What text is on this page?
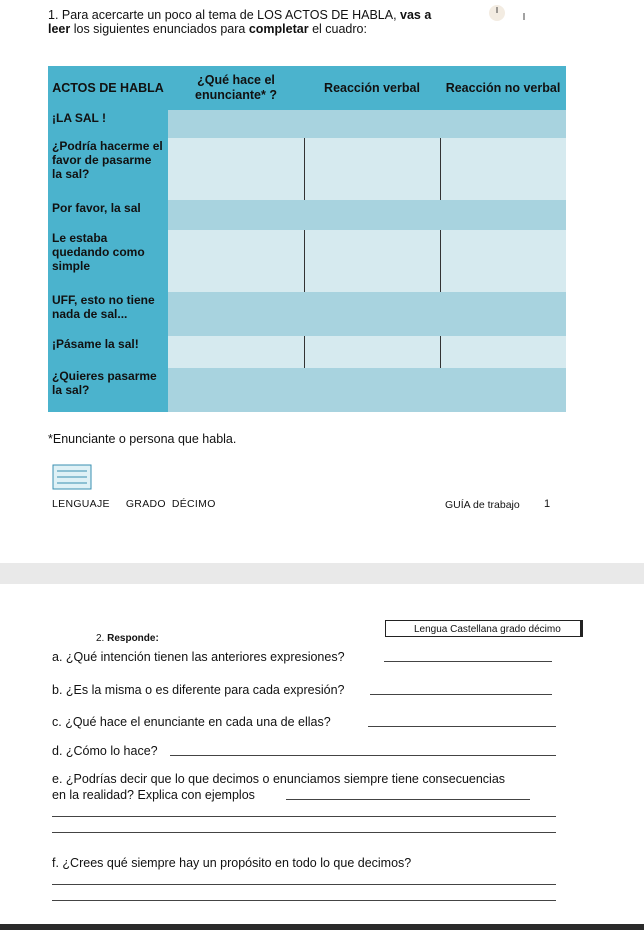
1. Para acercarte un poco al tema de LOS ACTOS DE HABLA, vas a
leer los siguientes enunciados para completar el cuadro:
ACTOS DE HABLA	¿Qué hace el enunciante* ?	Reacción verbal	Reacción no verbal
¡LA SAL !			
¿Podría hacerme el favor de pasarme la sal?			
Por favor, la sal			
Le estaba quedando como simple			
UFF, esto no tiene nada de sal...			
¡Pásame la sal!			
¿Quieres pasarme la sal?			
*Enunciante o persona que habla.
LENGUAJE GRADO DÉCIMO	GUÍA de trabajo 1
Lengua Castellana grado décimo
2. Responde:
a. ¿Qué intención tienen las anteriores expresiones?
b. ¿Es la misma o es diferente para cada expresión?
c. ¿Qué hace el enunciante en cada una de ellas?
d. ¿Cómo lo hace?
e. ¿Podrías decir que lo que decimos o enunciamos siempre tiene consecuencias
en la realidad? Explica con ejemplos
f. ¿Crees qué siempre hay un propósito en todo lo que decimos?
